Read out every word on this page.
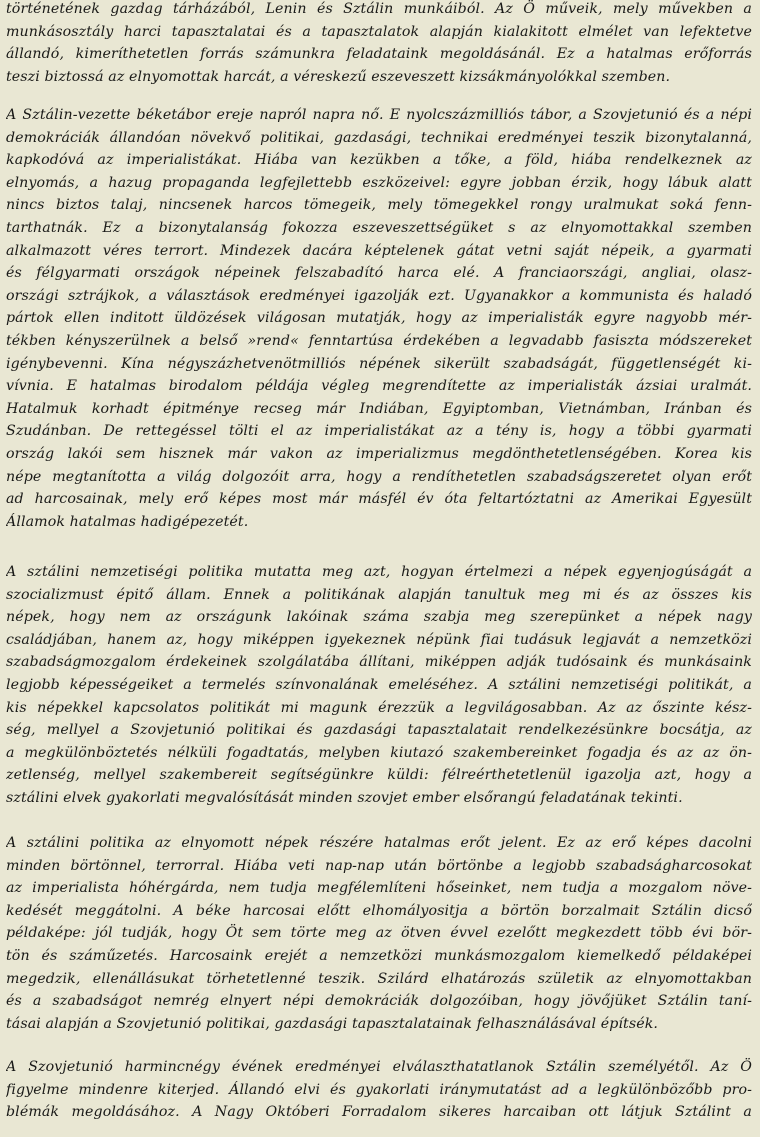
történetének gazdag tárházából, Lenin és Sztálin munkáiból. Az Ö műveik, mely művekben a
munkásosztály harci tapasztalatai és a tapasztalatok alapján kialakitott elmélet van lefektetve
állandó, kimeríthetetlen forrás számunkra feladataink megoldásánál. Ez a hatalmas erőforrás
teszi biztossá az elnyomottak harcát, a véreskezű eszeveszett kizsákmányolókkal szemben.
A Sztálin-vezette béketábor ereje napról napra nő. E nyolcszázmilliós tábor, a Szovjetunió és a népi
demokráciák állandóan növekvő politikai, gazdasági, technikai eredményei teszik bizonytalanná,
kapkodóvá az imperialistákat. Hiába van kezükben a tőke, a föld, hiába rendelkeznek az
elnyomás, a hazug propaganda legfejlettebb eszközeivel: egyre jobban érzik, hogy lábuk alatt
nincs biztos talaj, nincsenek harcos tömegeik, mely tömegekkel rongy uralmukat soká fenn-
tarthatnák. Ez a bizonytalanság fokozza eszeveszettségüket s az elnyomottakkal szemben
alkalmazott véres terrort. Mindezek dacára képtelenek gátat vetni saját népeik, a gyarmati
és félgyarmati országok népeinek felszabadító harca elé. A franciaországi, angliai, olasz-
országi sztrájkok, a választások eredményei igazolják ezt. Ugyanakkor a kommunista és haladó
pártok ellen inditott üldözések világosan mutatják, hogy az imperialisták egyre nagyobb mér-
tékben kényszerülnek a belső »rend« fenntartúsa érdekében a legvadabb fasiszta módszereket
igénybevenni. Kína négyszázhetvenötmilliós népének sikerült szabadságát, függetlenségét ki-
vívnia. E hatalmas birodalom példája végleg megrendítette az imperialisták ázsiai uralmát.
Hatalmuk korhadt épitménye recseg már Indiában, Egyiptomban, Vietnámban, Iránban és
Szudánban. De rettegéssel tölti el az imperialistákat az a tény is, hogy a többi gyarmati
ország lakói sem hisznek már vakon az imperializmus megdönthetetlenségében. Korea kis
népe megtanította a világ dolgozóit arra, hogy a rendíthetetlen szabadságszeretet olyan erőt
ad harcosainak, mely erő képes most már másfél év óta feltartóztatni az Amerikai Egyesült
Államok hatalmas hadigépezetét.
A sztálini nemzetiségi politika mutatta meg azt, hogyan értelmezi a népek egyenjogúságát a
szocializmust épitő állam. Ennek a politikának alapján tanultuk meg mi és az összes kis
népek, hogy nem az országunk lakóinak száma szabja meg szerepünket a népek nagy
családjában, hanem az, hogy miképpen igyekeznek népünk fiai tudásuk legjavát a nemzetközi
szabadságmozgalom érdekeinek szolgálatába állítani, miképpen adják tudósaink és munkásaink
legjobb képességeiket a termelés színvonalának emeléséhez. A sztálini nemzetiségi politikát, a
kis népekkel kapcsolatos politikát mi magunk érezzük a legvilágosabban. Az az őszinte kész-
ség, mellyel a Szovjetunió politikai és gazdasági tapasztalatait rendelkezésünkre bocsátja, az
a megkülönböztetés nélküli fogadtatás, melyben kiutazó szakembereinket fogadja és az az ön-
zetlenség, mellyel szakembereit segítségünkre küldi: félreérthetetlenül igazolja azt, hogy a
sztálini elvek gyakorlati megvalósítását minden szovjet ember elsőrangú feladatának tekinti.
A sztálini politika az elnyomott népek részére hatalmas erőt jelent. Ez az erő képes dacolni
minden börtönnel, terrorral. Hiába veti nap-nap után börtönbe a legjobb szabadságharcosokat
az imperialista hóhérgárda, nem tudja megfélemlíteni hőseinket, nem tudja a mozgalom növe-
kedését meggátolni. A béke harcosai előtt elhomályositja a börtön borzalmait Sztálin dicső
példaképe: jól tudják, hogy Öt sem törte meg az ötven évvel ezelőtt megkezdett több évi bör-
tön és száműzetés. Harcosaink erejét a nemzetközi munkásmozgalom kiemelkedő példaképei
megedzik, ellenállásukat törhetetlenné teszik. Szilárd elhatározás születik az elnyomottakban
és a szabadságot nemrég elnyert népi demokráciák dolgozóiban, hogy jövőjüket Sztálin taní-
tásai alapján a Szovjetunió politikai, gazdasági tapasztalatainak felhasználásával építsék.
A Szovjetunió harmincnégy évének eredményei elválaszthatatlanok Sztálin személyétől. Az Ö
figyelme mindenre kiterjed. Állandó elvi és gyakorlati iránymutatást ad a legkülönbözőbb pro-
blémák megoldásához. A Nagy Októberi Forradalom sikeres harcaiban ott látjuk Sztálint a
